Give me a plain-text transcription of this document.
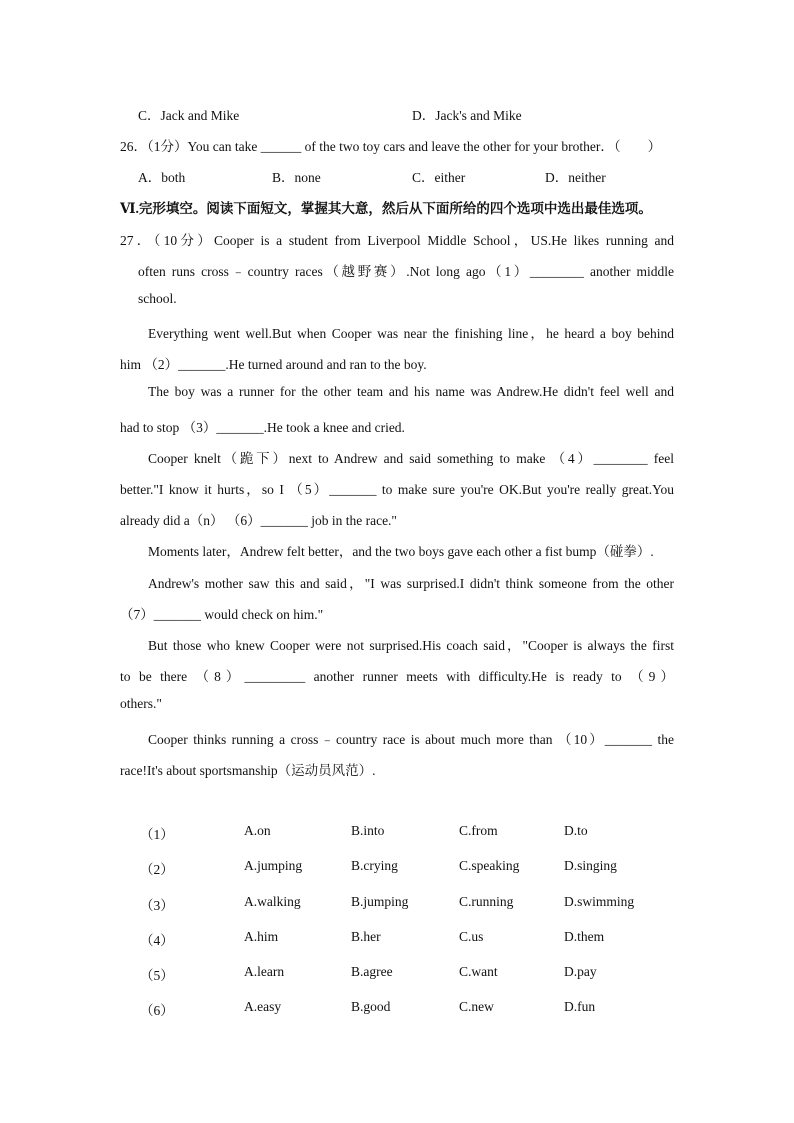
C．Jack and Mike	D．Jack's and Mike
26．（1分）You can take ______ of the two toy cars and leave the other for your brother．（　　）
A．both	B．none	C．either	D．neither
Ⅵ.完形填空。阅读下面短文，掌握其大意，然后从下面所给的四个选项中选出最佳选项。
27．（10分）Cooper is a student from Liverpool Middle School，US.He likes running and
often runs cross﹣country races（越野赛）.Not long ago（1）________ another middle
school.
Everything went well.But when Cooper was near the finishing line，he heard a boy behind
him （2）_______.He turned around and ran to the boy.
The boy was a runner for the other team and his name was Andrew.He didn't feel well and
had to stop （3）_______.He took a knee and cried.
Cooper knelt（跪下）next to Andrew and said something to make （4）________ feel
better."I know it hurts，so I （5）_______ to make sure you're OK.But you're really great.You
already did a（n） （6）_______ job in the race."
Moments later，Andrew felt better，and the two boys gave each other a fist bump（碰拳）.
Andrew's mother saw this and said，"I was surprised.I didn't think someone from the other
（7）_______ would check on him."
But those who knew Cooper were not surprised.His coach said，"Cooper is always the first
to be there （8）_________ another runner meets with difficulty.He is ready to （9）
others."
Cooper thinks running a cross﹣country race is about much more than （10）_______ the
race!It's about sportsmanship（运动员风范）.
（1）	A.on	B.into	C.from	D.to
（2）	A.jumping	B.crying	C.speaking	D.singing
（3）	A.walking	B.jumping	C.running	D.swimming
（4）	A.him	B.her	C.us	D.them
（5）	A.learn	B.agree	C.want	D.pay
（6）	A.easy	B.good	C.new	D.fun
